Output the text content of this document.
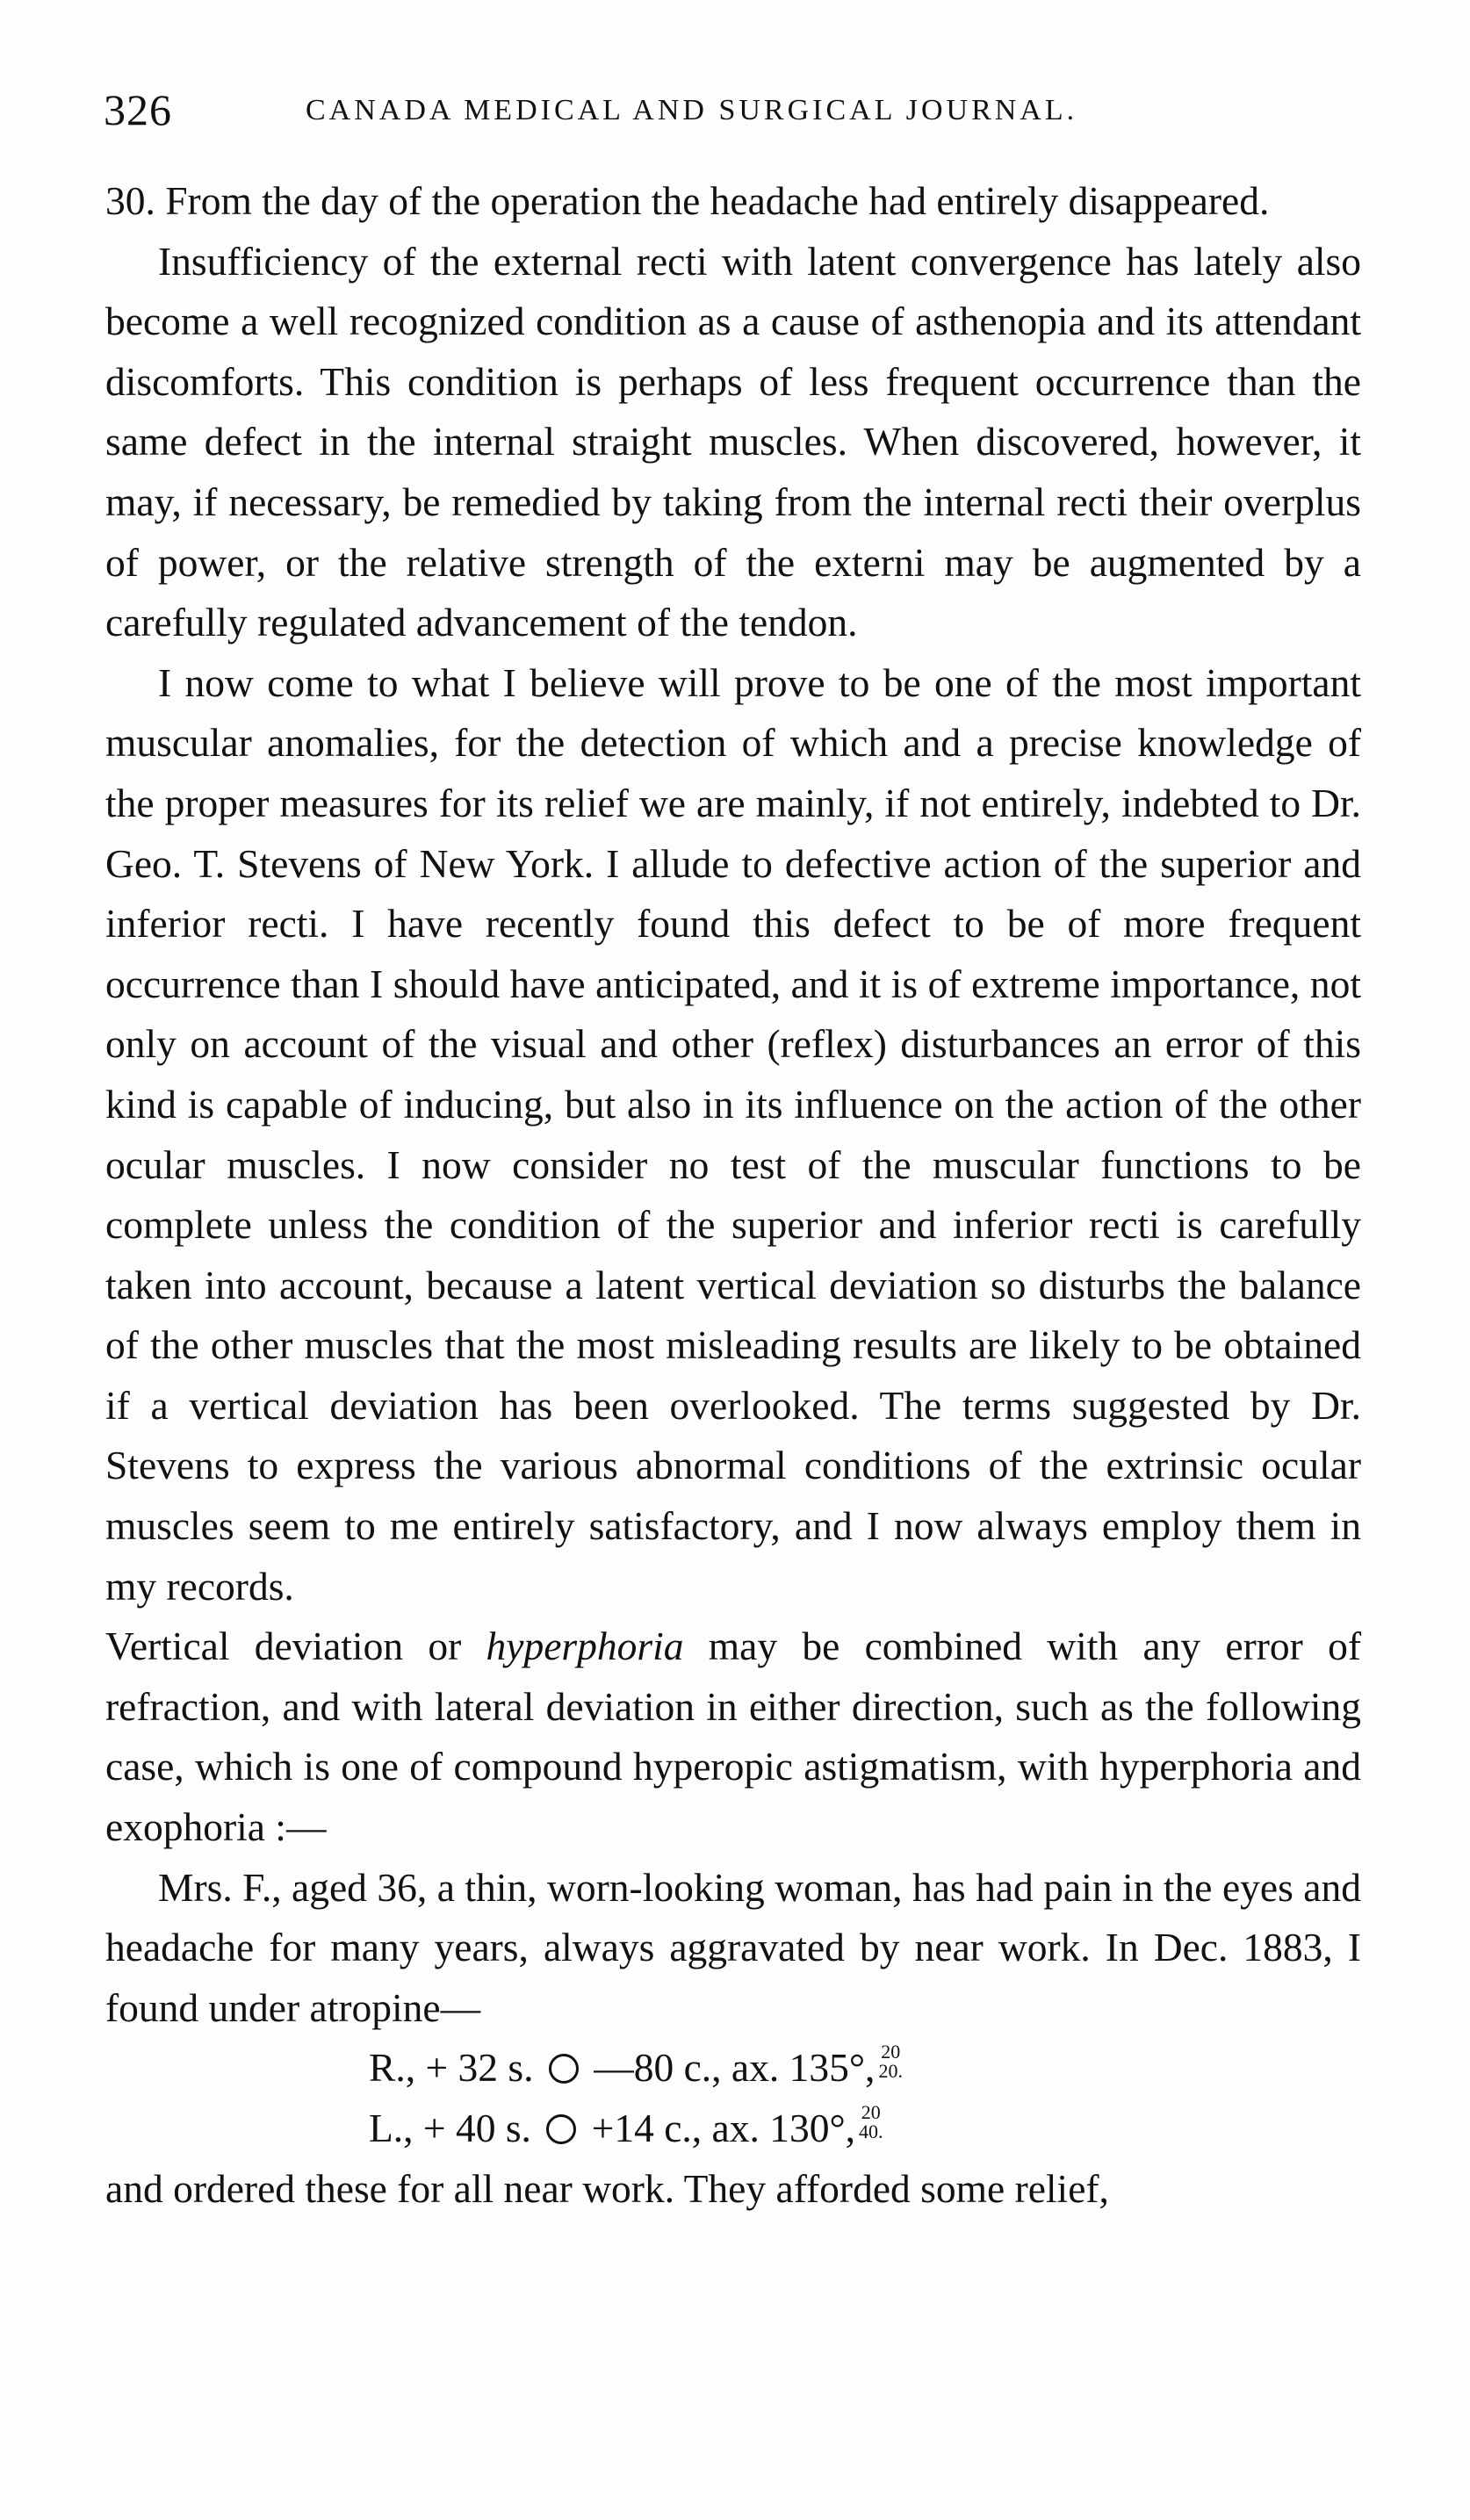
326	CANADA MEDICAL AND SURGICAL JOURNAL.

30. From the day of the operation the headache had entirely disappeared.

Insufficiency of the external recti with latent convergence has lately also become a well recognized condition as a cause of asthenopia and its attendant discomforts. This condition is perhaps of less frequent occurrence than the same defect in the internal straight muscles. When discovered, however, it may, if necessary, be remedied by taking from the internal recti their overplus of power, or the relative strength of the externi may be augmented by a carefully regulated advancement of the tendon.

I now come to what I believe will prove to be one of the most important muscular anomalies, for the detection of which and a precise knowledge of the proper measures for its relief we are mainly, if not entirely, indebted to Dr. Geo. T. Stevens of New York. I allude to defective action of the superior and inferior recti. I have recently found this defect to be of more frequent occurrence than I should have anticipated, and it is of extreme importance, not only on account of the visual and other (reflex) disturbances an error of this kind is capable of inducing, but also in its influence on the action of the other ocular muscles. I now consider no test of the muscular functions to be complete unless the condition of the superior and inferior recti is carefully taken into account, because a latent vertical deviation so disturbs the balance of the other muscles that the most misleading results are likely to be obtained if a vertical deviation has been overlooked. The terms suggested by Dr. Stevens to express the various abnormal conditions of the extrinsic ocular muscles seem to me entirely satisfactory, and I now always employ them in my records.

Vertical deviation or hyperphoria may be combined with any error of refraction, and with lateral deviation in either direction, such as the following case, which is one of compound hyperopic astigmatism, with hyperphoria and exophoria :—

Mrs. F., aged 36, a thin, worn-looking woman, has had pain in the eyes and headache for many years, always aggravated by near work. In Dec. 1883, I found under atropine—

R., + 32 s. —80 c., ax. 135°, 20
20.

L., + 40 s. +14 c., ax. 130°, 20
40.

and ordered these for all near work. They afforded some relief,
